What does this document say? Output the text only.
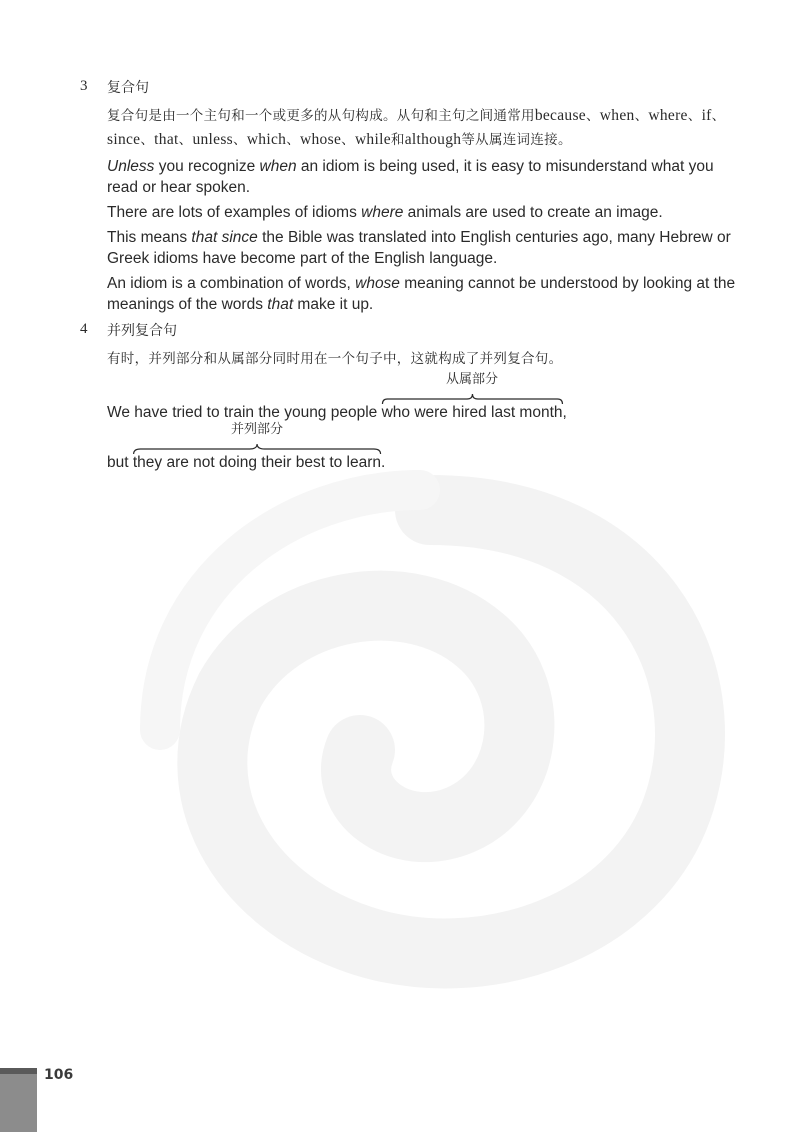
3 复合句
复合句是由一个主句和一个或更多的从句构成。从句和主句之间通常用because、when、where、if、since、that、unless、which、whose、while和although等从属连词连接。
Unless you recognize when an idiom is being used, it is easy to misunderstand what you read or hear spoken.
There are lots of examples of idioms where animals are used to create an image.
This means that since the Bible was translated into English centuries ago, many Hebrew or Greek idioms have become part of the English language.
An idiom is a combination of words, whose meaning cannot be understood by looking at the meanings of the words that make it up.
4 并列复合句
有时，并列部分和从属部分同时用在一个句子中，这就构成了并列复合句。
We have tried to train the young people
从属部分
who were hired last month,
but
并列部分
they are not doing their best to learn.
106
